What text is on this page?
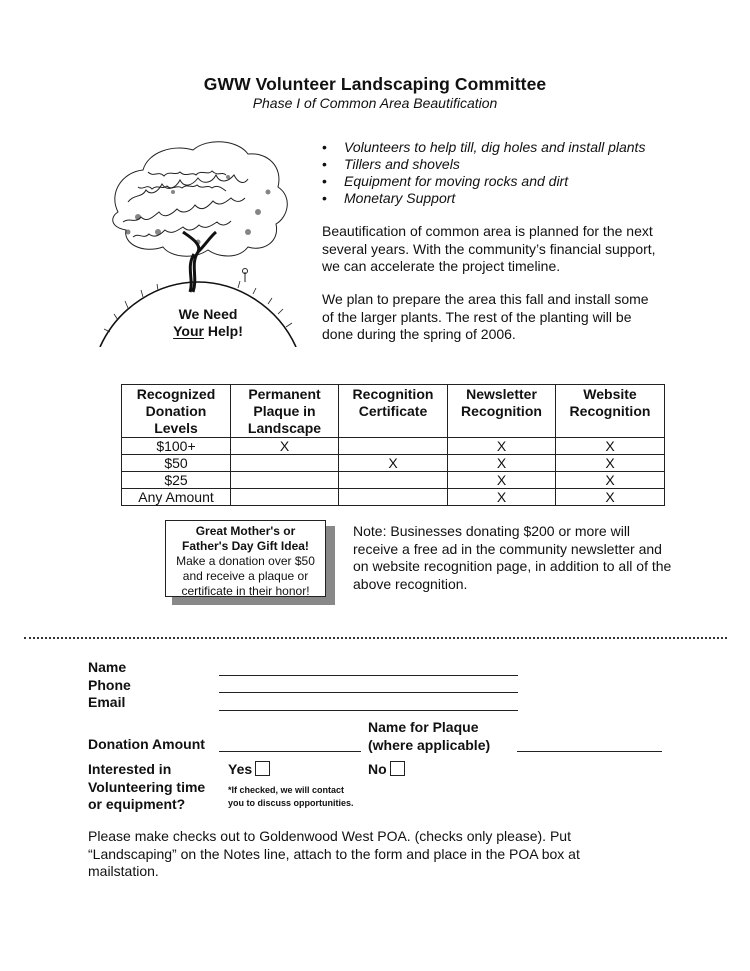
GWW Volunteer Landscaping Committee
Phase I of Common Area Beautification
We Need
Your Help!
• Volunteers to help till, dig holes and install plants
• Tillers and shovels
• Equipment for moving rocks and dirt
• Monetary Support
Beautification of common area is planned for the next several years. With the community’s financial support, we can accelerate the project timeline.
We plan to prepare the area this fall and install some of the larger plants. The rest of the planting will be done during the spring of 2006.
Recognized Donation Levels	Permanent Plaque in Landscape	Recognition Certificate	Newsletter Recognition	Website Recognition
$100+	X		X	X
$50		X	X	X
$25			X	X
Any Amount			X	X
Great Mother's or
Father's Day Gift Idea!
Make a donation over $50
and receive a plaque or
certificate in their honor!
Note: Businesses donating $200 or more will receive a free ad in the community newsletter and on website recognition page, in addition to all of the above recognition.
Name
Phone
Email
Donation Amount
Name for Plaque
(where applicable)
Interested in
Volunteering time
or equipment?
Yes	No
*If checked, we will contact
you to discuss opportunities.
Please make checks out to Goldenwood West POA. (checks only please). Put “Landscaping” on the Notes line, attach to the form and place in the POA box at mailstation.
